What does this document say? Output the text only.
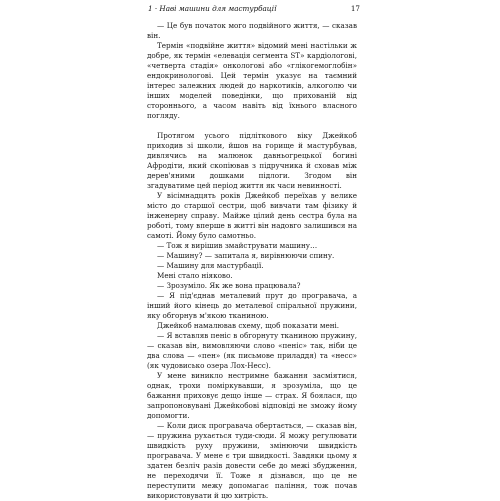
1 · Наві машини для мастурбації	17

— Це був початок мого подвійного життя, — сказав він.

Термін «подвійне життя» відомий мені настільки ж добре, як термін «елевація сегмента ST» кардіологові, «четверта стадія» онкологові або «глікогемоглобін» ендокринологові. Цей термін указує на таємний інтерес залежних людей до наркотиків, алкоголю чи інших моделей поведінки, що прихованій від стороннього, а часом навіть від їхнього власного погляду.

Протягом усього підліткового віку Джейкоб приходив зі школи, йшов на горище й мастурбував, дивлячись на малюнок давньогрецької богині Афродіти, який скопіював з підручника й сховав між дерев'яними дошками підлоги. Згодом він згадуватиме цей період життя як часи невинності.

У вісімнадцять років Джейкоб переїхав у велике місто до старшої сестри, щоб вивчати там фізику й інженерну справу. Майже цілий день сестра була на роботі, тому вперше в житті він надовго залишився на самоті. Йому було самотньо.

— Тож я вирішив змайструвати машину…

— Машину? — запитала я, вирівнюючи спину.

— Машину для мастурбації.

Мені стало ніяково.

— Зрозуміло. Як же вона працювала?

— Я під'єднав металевий прут до програвача, а інший його кінець до металевої спіральної пружини, яку обгорнув м'якою тканиною.

Джейкоб намалював схему, щоб показати мені.

— Я вставляв пеніс в обгорнуту тканиною пружину, — сказав він, вимовляючи слово «пеніс» так, ніби це два слова — «пен» (як письмове приладдя) та «несс» (як чудовисько озера Лох-Несс).

У мене виникло нестримне бажання засміятися, однак, трохи поміркувавши, я зрозуміла, що це бажання приховує дещо інше — страх. Я боялася, що запропоновувані Джейкобові відповіді не зможу йому допомогти.

— Коли диск програвача обертається, — сказав він, — пружина рухається туди-сюди. Я можу регулювати швидкість руху пружини, змінюючи швидкість програвача. У мене є три швидкості. Завдяки цьому я здатен безліч разів довести себе до межі збудження, не переходячи її. Тоже я дізнався, що це не переступити межу допомагає паління, тож почав використовувати й цю хитрість.
